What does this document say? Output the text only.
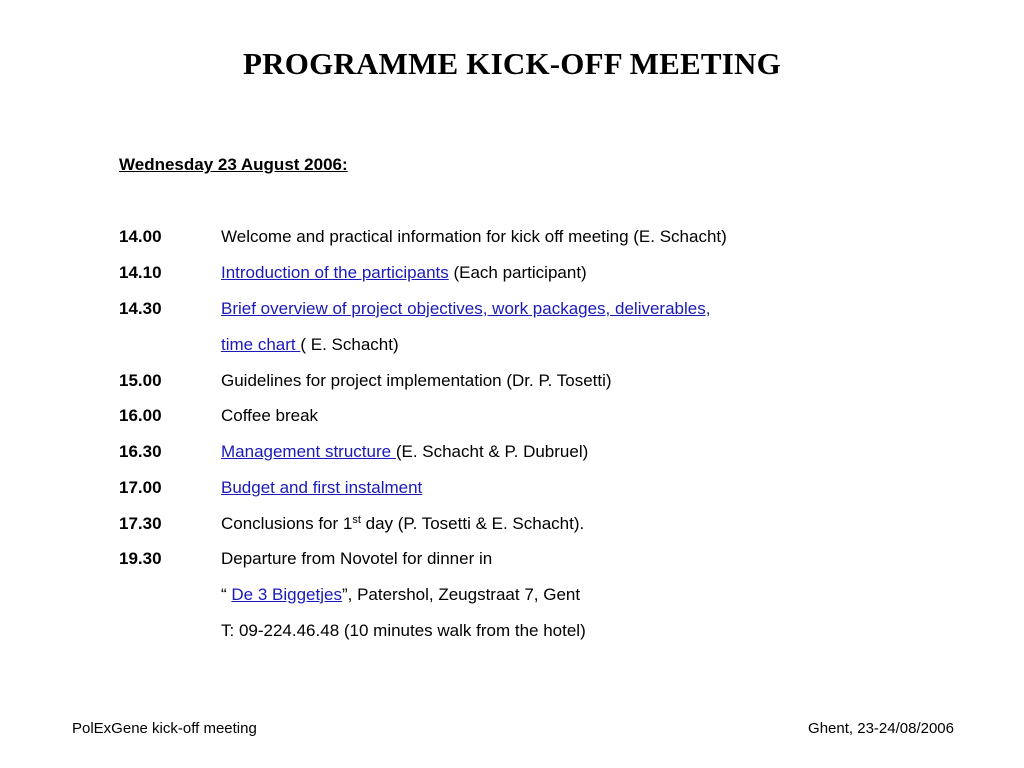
PROGRAMME KICK-OFF MEETING
Wednesday 23 August 2006:
14.00	Welcome and practical information for kick off meeting (E. Schacht)
14.10	Introduction of the participants (Each participant)
14.30	Brief overview of project objectives, work packages, deliverables,
time chart ( E. Schacht)
15.00	Guidelines for project implementation (Dr. P. Tosetti)
16.00	Coffee break
16.30	Management structure (E. Schacht & P. Dubruel)
17.00	Budget and first instalment
17.30	Conclusions for 1st day (P. Tosetti & E. Schacht).
19.30	Departure from Novotel for dinner in
“ De 3 Biggetjes”, Patershol, Zeugstraat 7, Gent
T: 09-224.46.48 (10 minutes walk from the hotel)
PolExGene kick-off meeting	Ghent, 23-24/08/2006
